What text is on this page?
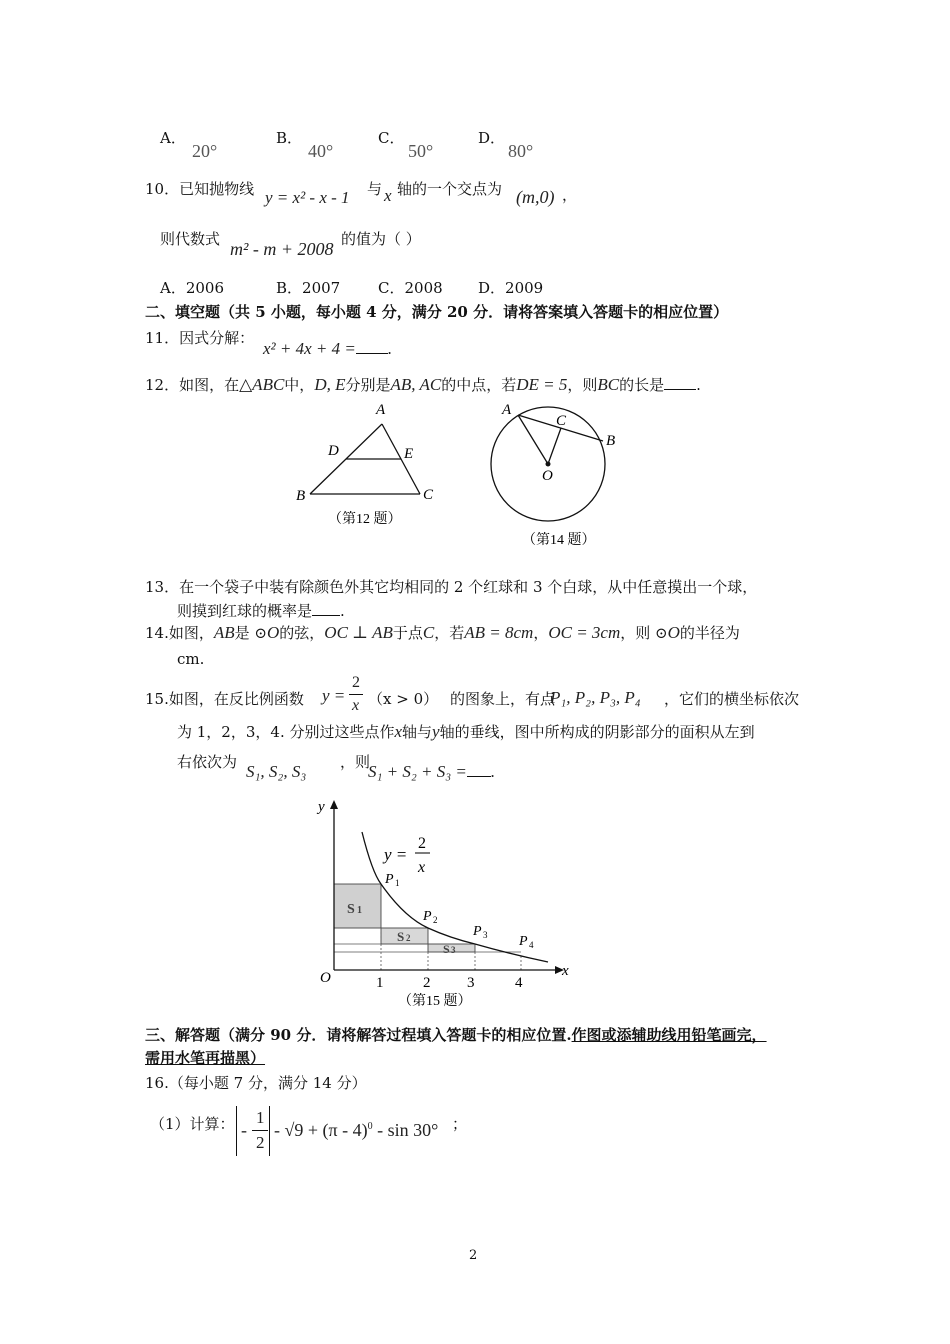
A．
20°
B．
40°
C．
50°
D．
80°
10．已知抛物线 y = x² - x - 1 与 x 轴的一个交点为 (m,0) ，
则代数式 m² - m + 2008 的值为（ ）
A．2006	B．2007	C．2008 D．2009
二、填空题（共 5 小题，每小题 4 分，满分 20 分．请将答案填入答题卡的相应位置）
11．因式分解：
x² + 4x + 4 = .
12．如图，在△ABC中，D, E分别是AB, AC的中点，若DE = 5，则BC的长是 .
A
D	E
B	C
（第12 题）
A
C
B
O
（第14 题）
13．在一个袋子中装有除颜色外其它均相同的 2 个红球和 3 个白球，从中任意摸出一个球，
则摸到红球的概率是 .
14.如图，AB是 ⊙O的弦，OC ⊥ AB于点C，若AB = 8cm，OC = 3cm，则 ⊙O的半径为
cm.
15.如图，在反比例函数 y =
2
x （x > 0） 的图象上，有点
P₁, P₂, P₃, P₄ ，它们的横坐标依次
为 1，2，3，4. 分别过这些点作x轴与y轴的垂线，图中所构成的阴影部分的面积从左到
右依次为 S₁, S₂, S₃ ，则
S₁ + S₂ + S₃ = .
y
x
O
y =
2
x
P 1
P 2
P 3 P 4
S 1
S 2
S 3
1	2 3	4
（第15 题）
三、解答题（满分 90 分．请将解答过程填入答题卡的相应位置.作图或添辅助线用铅笔画完，
需用水笔再描黑）
16.（每小题 7 分，满分 14 分）
（1）计算： -
1
2
- √9 + (π - 4)$^0$ - sin 30° ；
2
